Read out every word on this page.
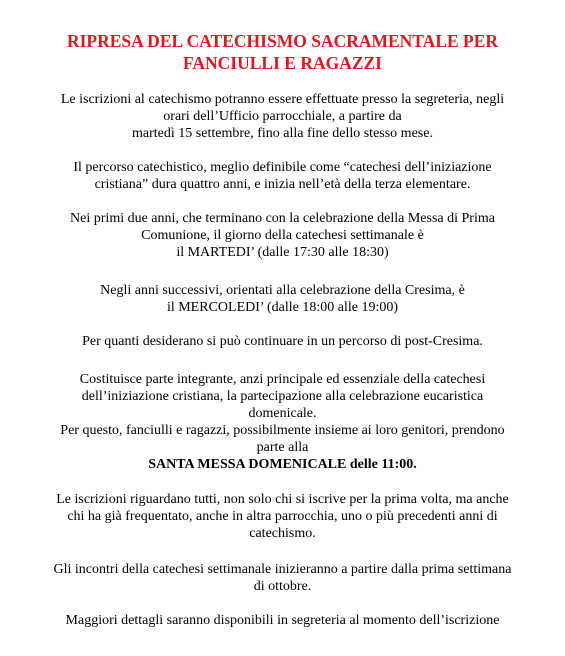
RIPRESA DEL CATECHISMO SACRAMENTALE PER
FANCIULLI E RAGAZZI
Le iscrizioni al catechismo potranno essere effettuate presso la segreteria, negli
orari dell’Ufficio parrocchiale, a partire da
martedì 15 settembre, fino alla fine dello stesso mese.
Il percorso catechistico, meglio definibile come “catechesi dell’iniziazione
cristiana” dura quattro anni, e inizia nell’età della terza elementare.
Nei primi due anni, che terminano con la celebrazione della Messa di Prima
Comunione, il giorno della catechesi settimanale è
il MARTEDI’ (dalle 17:30 alle 18:30)
Negli anni successivi, orientati alla celebrazione della Cresima, è
il MERCOLEDI’ (dalle 18:00 alle 19:00)
Per quanti desiderano si può continuare in un percorso di post-Cresima.
Costituisce parte integrante, anzi principale ed essenziale della catechesi
dell’iniziazione cristiana, la partecipazione alla celebrazione eucaristica
domenicale.
Per questo, fanciulli e ragazzi, possibilmente insieme ai loro genitori, prendono
parte alla
SANTA MESSA DOMENICALE delle 11:00.
Le iscrizioni riguardano tutti, non solo chi si iscrive per la prima volta, ma anche
chi ha già frequentato, anche in altra parrocchia, uno o più precedenti anni di
catechismo.
Gli incontri della catechesi settimanale inizieranno a partire dalla prima settimana
di ottobre.
Maggiori dettagli saranno disponibili in segreteria al momento dell’iscrizione
